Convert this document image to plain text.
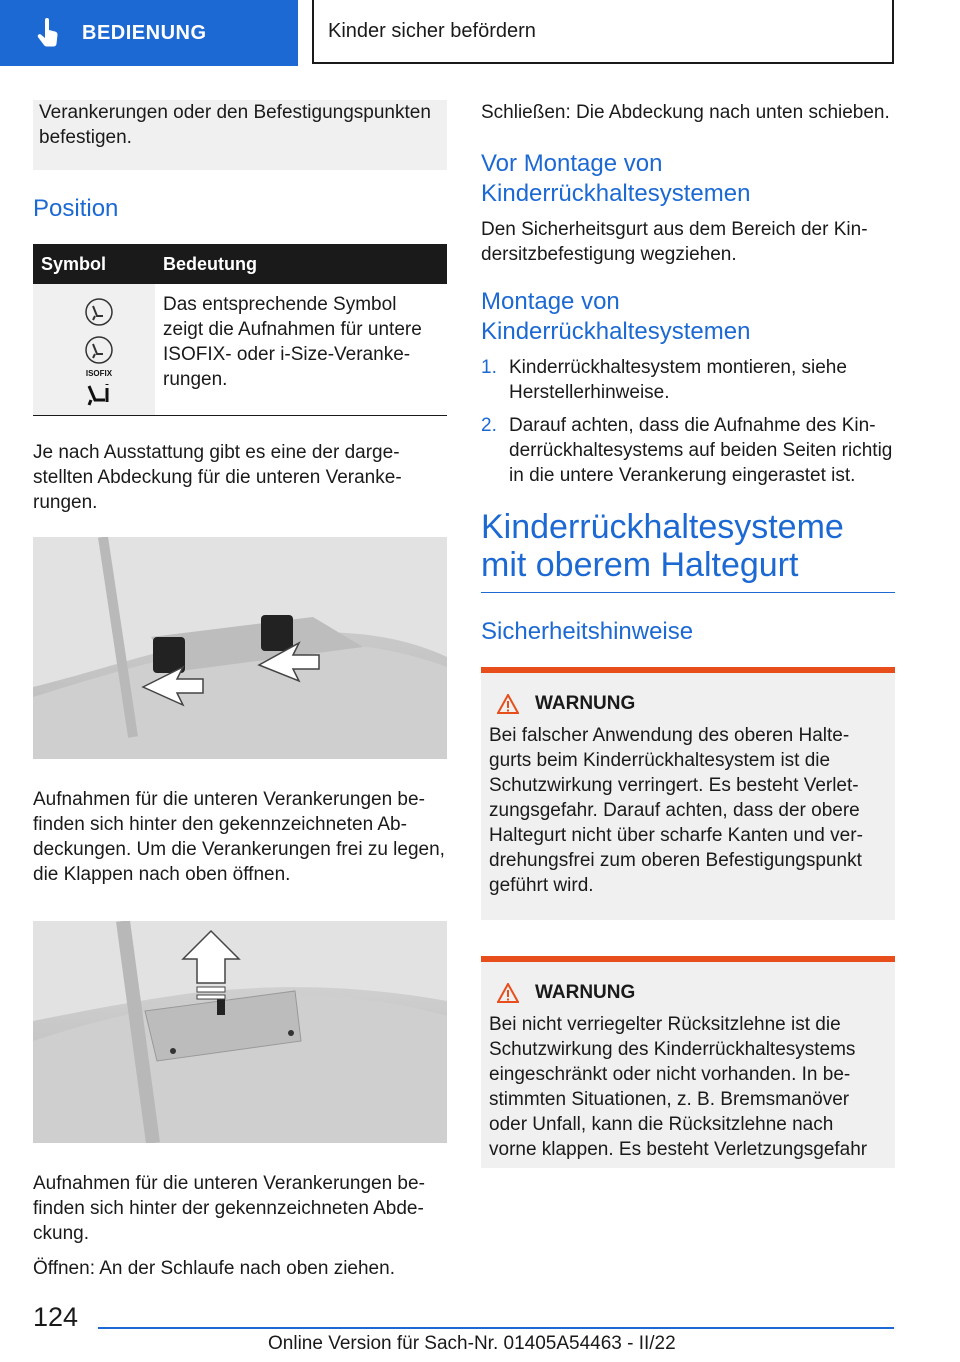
BEDIENUNG	Kinder sicher befördern

Verankerungen oder den Befestigungspunkten befestigen.

Position
Symbol	Bedeutung

ISOFIX	Das entsprechende Symbol zeigt die Aufnahmen für untere ISOFIX- oder i-Size-Verankerungen.

Je nach Ausstattung gibt es eine der dargestellten Abdeckung für die unteren Verankerungen.

Aufnahmen für die unteren Verankerungen befinden sich hinter den gekennzeichneten Abdeckungen. Um die Verankerungen frei zu legen, die Klappen nach oben öffnen.

Aufnahmen für die unteren Verankerungen befinden sich hinter der gekennzeichneten Abdeckung.

Öffnen: An der Schlaufe nach oben ziehen.

Schließen: Die Abdeckung nach unten schieben.

Vor Montage von Kinderrückhaltesystemen

Den Sicherheitsgurt aus dem Bereich der Kindersitzbefestigung wegziehen.

Montage von Kinderrückhaltesystemen
1. Kinderrückhaltesystem montieren, siehe Herstellerhinweise.
2. Darauf achten, dass die Aufnahme des Kinderrückhaltesystems auf beiden Seiten richtig in die untere Verankerung eingerastet ist.
Kinderrückhaltesysteme mit oberem Haltegurt
Sicherheitshinweise
WARNUNG

Bei falscher Anwendung des oberen Haltegurts beim Kinderrückhaltesystem ist die Schutzwirkung verringert. Es besteht Verletzungsgefahr. Darauf achten, dass der obere Haltegurt nicht über scharfe Kanten und verdrehungsfrei zum oberen Befestigungspunkt geführt wird.

WARNUNG

Bei nicht verriegelter Rücksitzlehne ist die Schutzwirkung des Kinderrückhaltesystems eingeschränkt oder nicht vorhanden. In bestimmten Situationen, z. B. Bremsmanöver oder Unfall, kann die Rücksitzlehne nach vorne klappen. Es besteht Verletzungsgefahr

124
Online Version für Sach-Nr. 01405A54463 - II/22
